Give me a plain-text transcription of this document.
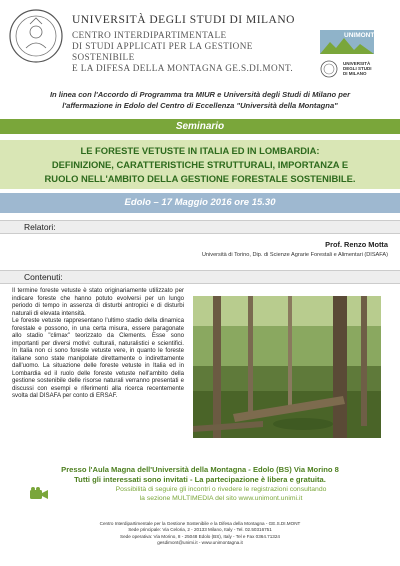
UNIVERSITÀ DEGLI STUDI DI MILANO
CENTRO INTERDIPARTIMENTALE
DI STUDI APPLICATI PER LA GESTIONE SOSTENIBILE
E LA DIFESA DELLA MONTAGNA GE.S.DI.MONT.
UNIMONT
UNIVERSITÀ
DEGLI STUDI
DI MILANO
In linea con l'Accordo di Programma tra MIUR e Università degli Studi di Milano per
l'affermazione in Edolo del Centro di Eccellenza "Università della Montagna"
Seminario
LE FORESTE VETUSTE IN ITALIA ED IN LOMBARDIA:
DEFINIZIONE, CARATTERISTICHE STRUTTURALI, IMPORTANZA E
RUOLO NELL'AMBITO DELLA GESTIONE FORESTALE SOSTENIBILE.
Edolo – 17 Maggio 2016 ore 15.30
Relatori:
Prof. Renzo Motta
Università di Torino, Dip. di Scienze Agrarie Forestali e Alimentari (DISAFA)
Contenuti:

Il termine foreste vetuste è stato originariamente utilizzato per indicare foreste che hanno potuto evolversi per un lungo periodo di tempo in assenza di disturbi antropici e di disturbi naturali di elevata intensità.

Le foreste vetuste rappresentano l'ultimo stadio della dinamica forestale e possono, in una certa misura, essere paragonate allo stadio "climax" teorizzato da Clements. Esse sono importanti per diversi motivi: culturali, naturalistici e scientifici. In Italia non ci sono foreste vetuste vere, in quanto le foreste italiane sono state manipolate direttamente o indirettamente dall'uomo. La situazione delle foreste vetuste in Italia ed in Lombardia ed il ruolo delle foreste vetuste nell'ambito della gestione sostenibile delle risorse naturali verranno presentati e discussi con esempi e riferimenti alla ricerca recentemente svolta dal DISAFA per conto di ERSAF.

Presso l'Aula Magna dell'Università della Montagna - Edolo (BS) Via Morino 8
Tutti gli interessati sono invitati - La partecipazione è libera e gratuita.
Possibilità di seguire gli incontri o rivedere le registrazioni consultando
la sezione MULTIMEDIA del sito www.unimont.unimi.it
Centro Interdipartimentale per la Gestione Sostenibile e la Difesa della Montagna - GE.S.DI.MONT
Sede principale: Via Celoria, 2 - 20133 Milano, Italy - Tel. 02.50316751
Sede operativa: Via Morino, 8 - 25048 Edolo (BS), Italy - Tel e Fax 0364.71324
gesdimont@unimi.it - www.unimontagna.it
